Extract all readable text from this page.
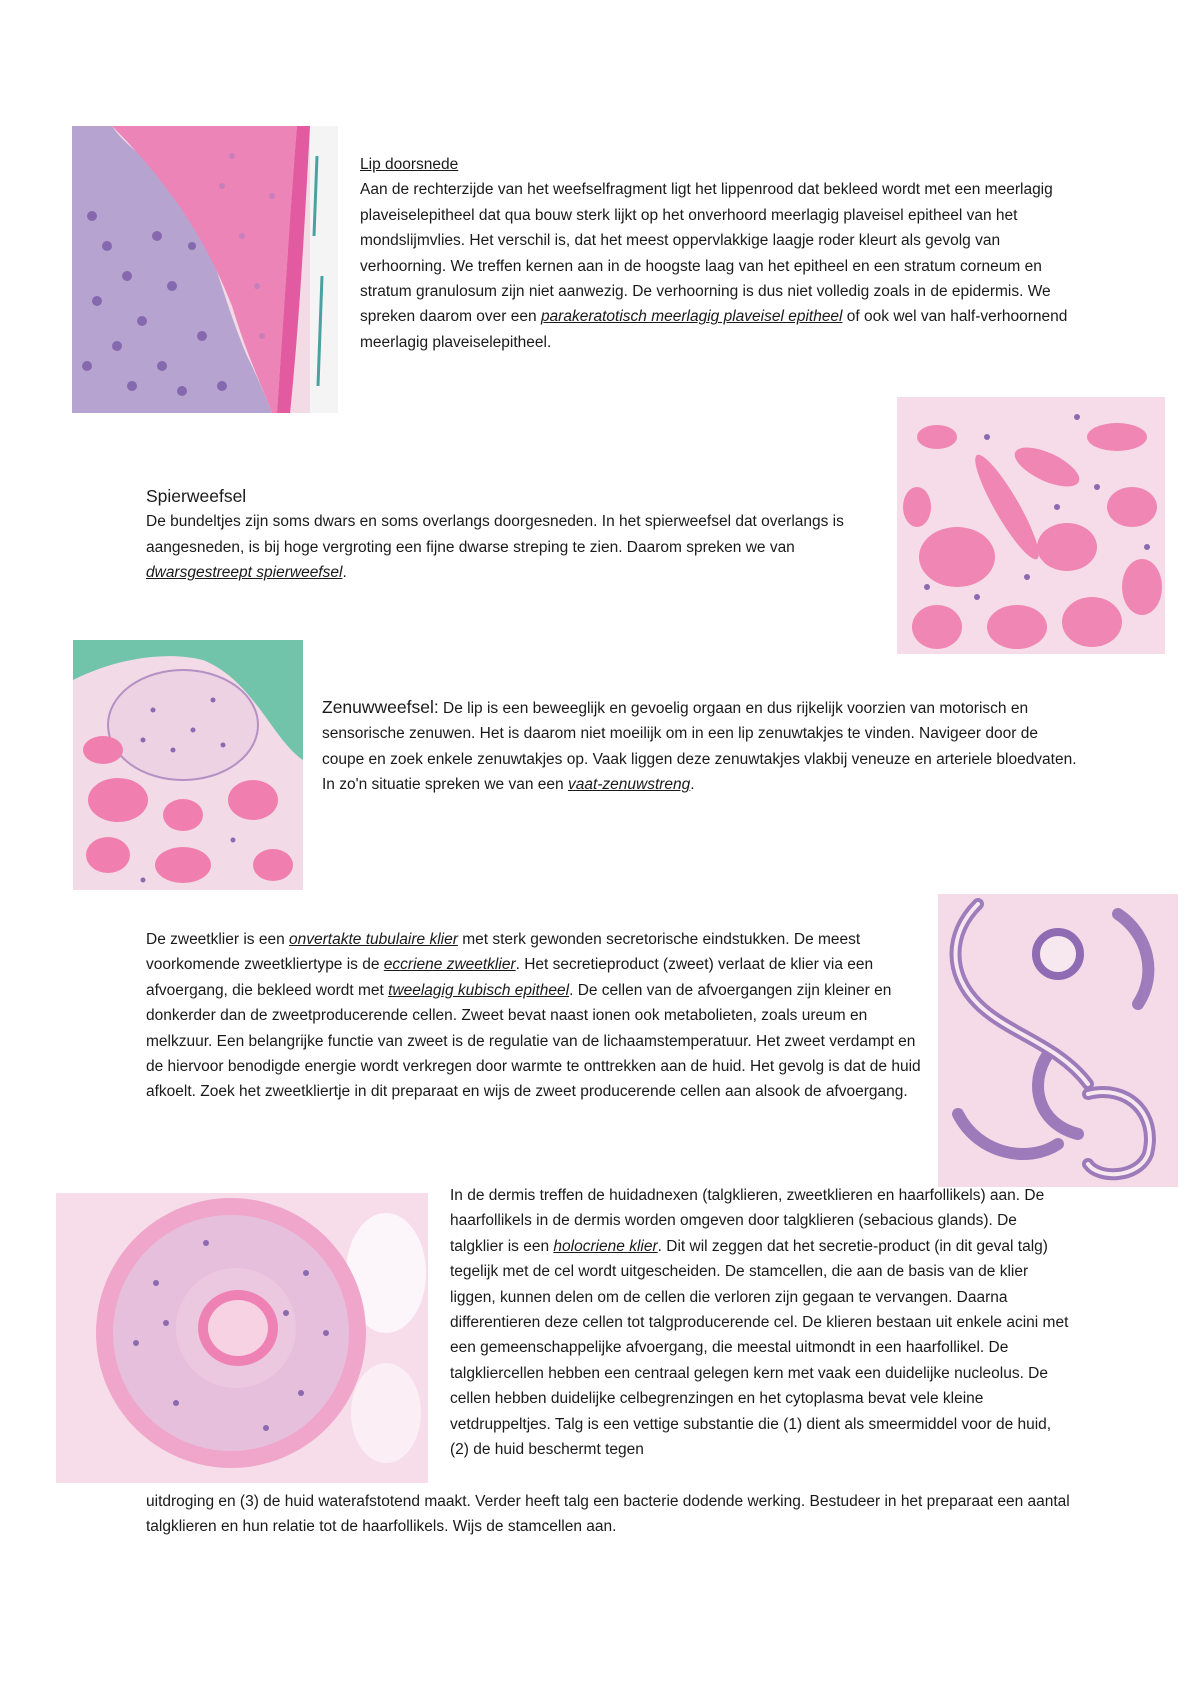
Lip doorsnede

Aan de rechterzijde van het weefselfragment ligt het lippenrood dat bekleed wordt met een meerlagig plaveiselepitheel dat qua bouw sterk lijkt op het onverhoord meerlagig plaveisel epitheel van het mondslijmvlies. Het verschil is, dat het meest oppervlakkige laagje roder kleurt als gevolg van verhoorning. We treffen kernen aan in de hoogste laag van het epitheel en een stratum corneum en stratum granulosum zijn niet aanwezig. De verhoorning is dus niet volledig zoals in de epidermis. We spreken daarom over een parakeratotisch meerlagig plaveisel epitheel of ook wel van half-verhoornend meerlagig plaveiselepitheel.

Spierweefsel

De bundeltjes zijn soms dwars en soms overlangs doorgesneden. In het spierweefsel dat overlangs is aangesneden, is bij hoge vergroting een fijne dwarse streping te zien. Daarom spreken we van dwarsgestreept spierweefsel.

Zenuwweefsel: De lip is een beweeglijk en gevoelig orgaan en dus rijkelijk voorzien van motorisch en sensorische zenuwen. Het is daarom niet moeilijk om in een lip zenuwtakjes te vinden. Navigeer door de coupe en zoek enkele zenuwtakjes op. Vaak liggen deze zenuwtakjes vlakbij veneuze en arteriele bloedvaten. In zo'n situatie spreken we van een vaat-zenuwstreng.

De zweetklier is een onvertakte tubulaire klier met sterk gewonden secretorische eindstukken. De meest voorkomende zweetkliertype is de eccriene zweetklier. Het secretieproduct (zweet) verlaat de klier via een afvoergang, die bekleed wordt met tweelagig kubisch epitheel. De cellen van de afvoergangen zijn kleiner en donkerder dan de zweetproducerende cellen. Zweet bevat naast ionen ook metabolieten, zoals ureum en melkzuur. Een belangrijke functie van zweet is de regulatie van de lichaamstemperatuur. Het zweet verdampt en de hiervoor benodigde energie wordt verkregen door warmte te onttrekken aan de huid. Het gevolg is dat de huid afkoelt. Zoek het zweetkliertje in dit preparaat en wijs de zweet producerende cellen aan alsook de afvoergang.

In de dermis treffen de huidadnexen (talgklieren, zweetklieren en haarfollikels) aan. De haarfollikels in de dermis worden omgeven door talgklieren (sebacious glands). De talgklier is een holocriene klier. Dit wil zeggen dat het secretie-product (in dit geval talg) tegelijk met de cel wordt uitgescheiden. De stamcellen, die aan de basis van de klier liggen, kunnen delen om de cellen die verloren zijn gegaan te vervangen. Daarna differentieren deze cellen tot talgproducerende cel. De klieren bestaan uit enkele acini met een gemeenschappelijke afvoergang, die meestal uitmondt in een haarfollikel. De talgkliercellen hebben een centraal gelegen kern met vaak een duidelijke nucleolus. De cellen hebben duidelijke celbegrenzingen en het cytoplasma bevat vele kleine vetdruppeltjes. Talg is een vettige substantie die (1) dient als smeermiddel voor de huid, (2) de huid beschermt tegen

uitdroging en (3) de huid waterafstotend maakt. Verder heeft talg een bacterie dodende werking. Bestudeer in het preparaat een aantal talgklieren en hun relatie tot de haarfollikels. Wijs de stamcellen aan.
